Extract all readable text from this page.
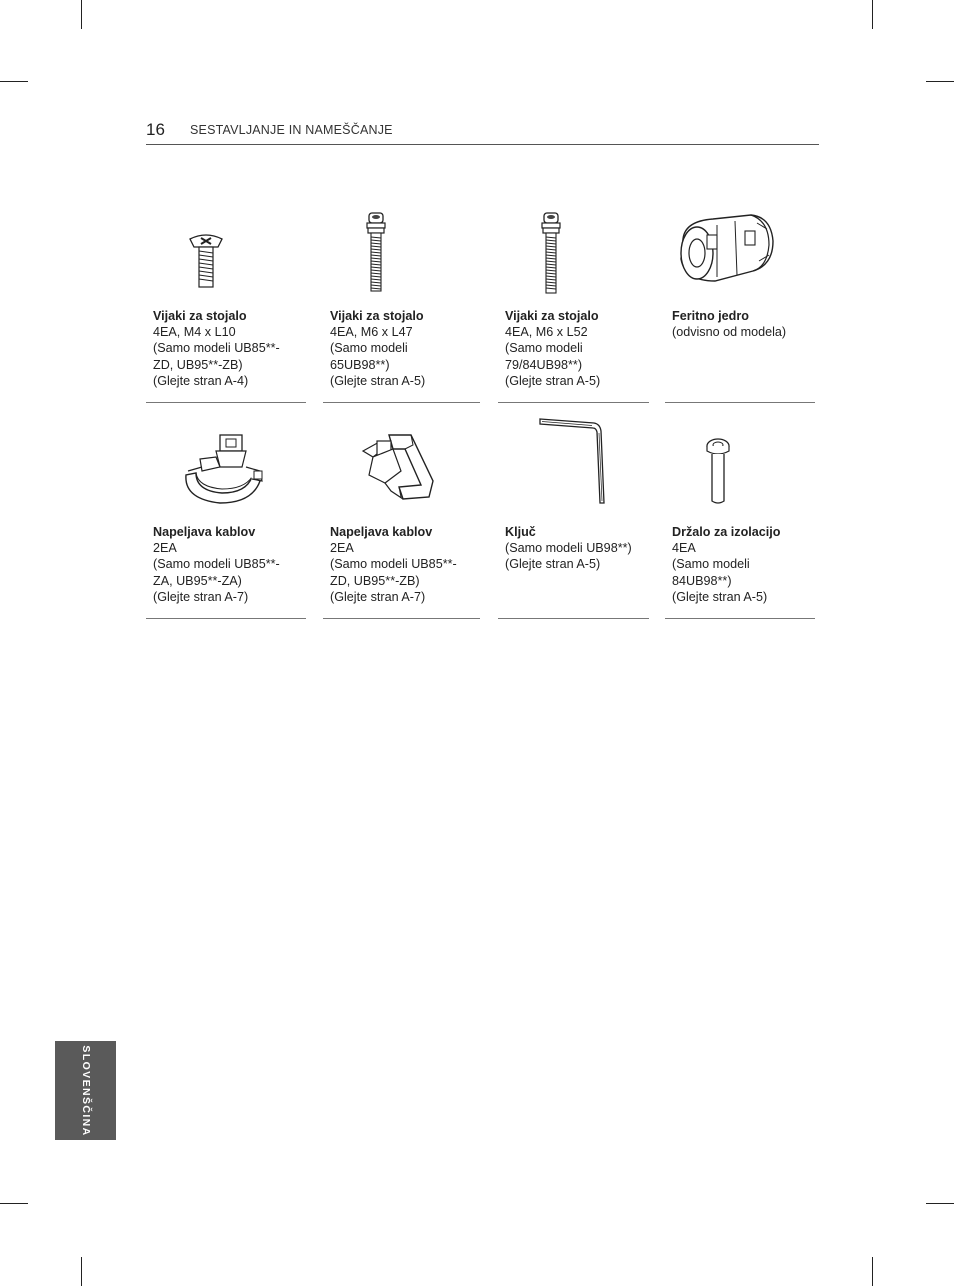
16 SESTAVLJANJE IN NAMEŠČANJE
Vijaki za stojalo
4EA, M4 x L10
(Samo modeli UB85**-
ZD, UB95**-ZB)
(Glejte stran A-4)
Vijaki za stojalo
4EA, M6 x L47
(Samo modeli
65UB98**)
(Glejte stran A-5)
Vijaki za stojalo
4EA, M6 x L52
(Samo modeli
79/84UB98**)
(Glejte stran A-5)
Feritno jedro
(odvisno od modela)
Napeljava kablov
2EA
(Samo modeli UB85**-
ZA, UB95**-ZA)
(Glejte stran A-7)
Napeljava kablov
2EA
(Samo modeli UB85**-
ZD, UB95**-ZB)
(Glejte stran A-7)
Ključ
(Samo modeli UB98**)
(Glejte stran A-5)
Držalo za izolacijo
4EA
(Samo modeli
84UB98**)
(Glejte stran A-5)
SLOVENŠČINA
